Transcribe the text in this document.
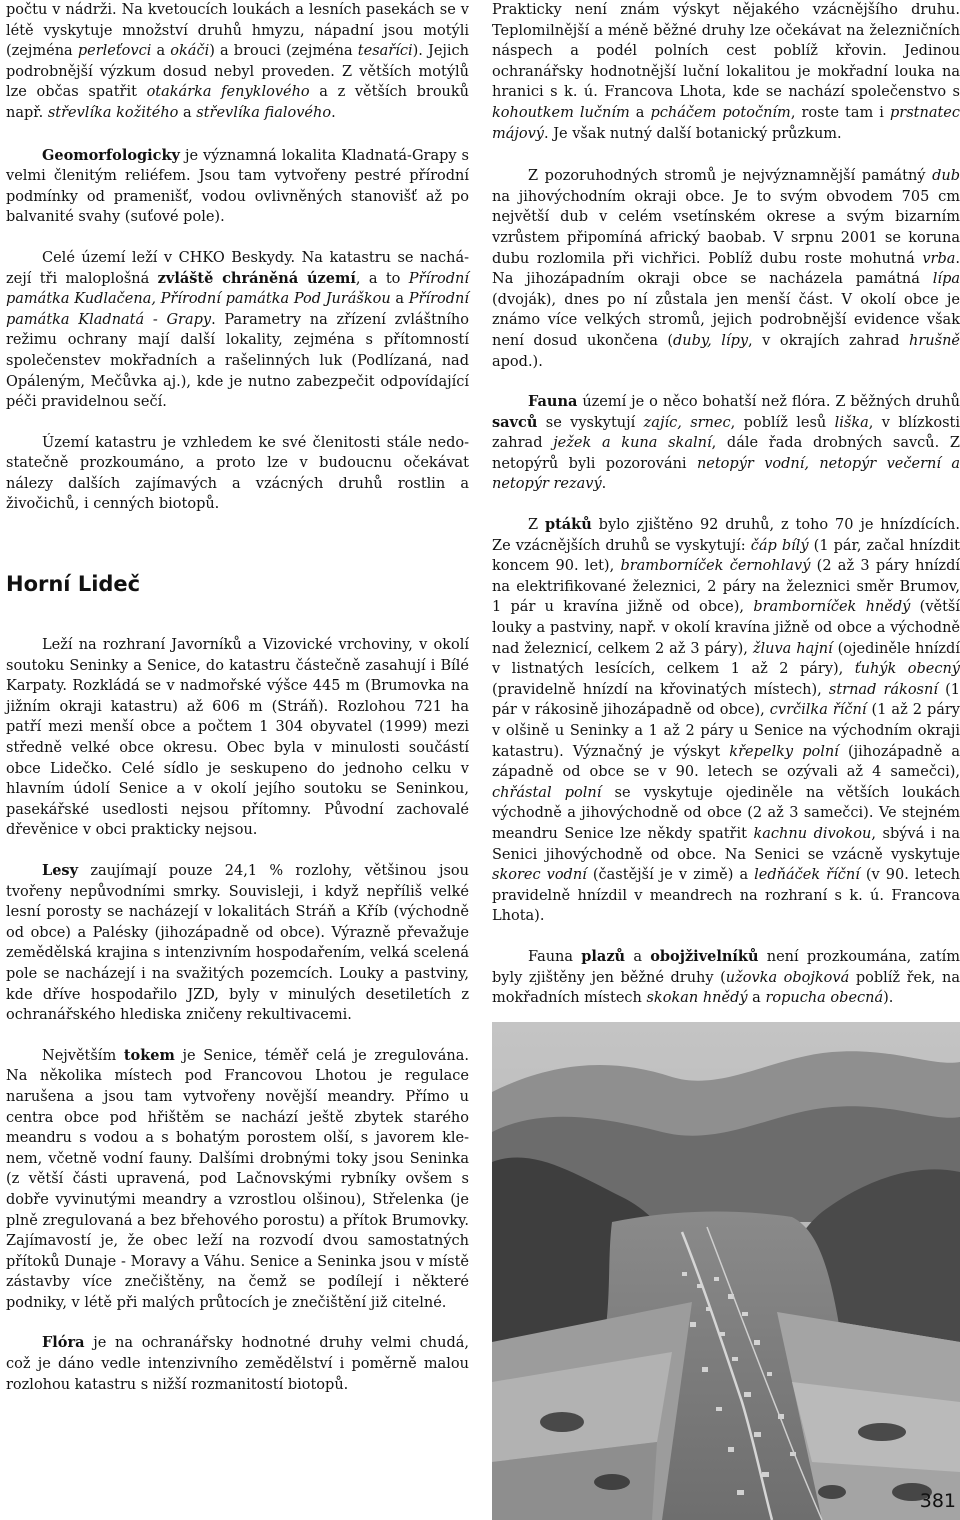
počtu v nádrži. Na kvetoucích loukách a lesních pasekách se v létě vyskytuje množství druhů hmyzu, nápadní jsou motýli (zejména perleťovci a okáči) a brouci (zejména tesaříci). Jejich podrobnější výzkum dosud nebyl proveden. Z větších motýlů lze občas spatřit otakárka fenyklového a z větších brouků např. střevlíka kožitého a střevlíka fialového.

Geomorfologicky je významná lokalita Kladnatá-Grapy s velmi členitým reliéfem. Jsou tam vytvořeny pestré přírodní podmínky od pramenišť, vodou ovlivněných stanovišť až po balvanité svahy (suťové pole).

Celé území leží v CHKO Beskydy. Na katastru se nacházejí tři maloplošná zvláště chráněná území, a to Přírodní památka Kudlačena, Přírodní památka Pod Juráškou a Přírodní památka Kladnatá - Grapy. Parametry na zřízení zvláštního režimu ochrany mají další lokality, zejména s přítomností společenstev mokřadních a rašelinných luk (Podlízaná, nad Opáleným, Mečůvka aj.), kde je nutno zabezpečit odpovídající péči pravidelnou sečí.

Území katastru je vzhledem ke své členitosti stále nedostatečně prozkoumáno, a proto lze v budoucnu očekávat nálezy dalších zajímavých a vzácných druhů rostlin a živočichů, i cenných biotopů.

Horní Lideč

Leží na rozhraní Javorníků a Vizovické vrchoviny, v okolí soutoku Seninky a Senice, do katastru částečně zasahují i Bílé Karpaty. Rozkládá se v nadmořské výšce 445 m (Brumovka na jižním okraji katastru) až 606 m (Stráň). Rozlohou 721 ha patří mezi menší obce a počtem 1 304 obyvatel (1999) mezi středně velké obce okresu. Obec byla v minulosti součástí obce Lidečko. Celé sídlo je seskupeno do jednoho celku v hlavním údolí Senice a v okolí jejího soutoku se Seninkou, pasekářské usedlosti nejsou přítomny. Původní zachovalé dřevěnice v obci prakticky nejsou.

Lesy zaujímají pouze 24,1 % rozlohy, většinou jsou tvořeny nepůvodními smrky. Souvisleji, i když nepříliš velké lesní porosty se nacházejí v lokalitách Stráň a Kříb (východně od obce) a Palésky (jihozápadně od obce). Výrazně převažuje zemědělská krajina s intenzivním hospodařením, velká scelená pole se nacházejí i na svažitých pozemcích. Louky a pastviny, kde dříve hospodařilo JZD, byly v minulých desetiletích z ochranářského hlediska zničeny rekultivacemi.

Největším tokem je Senice, téměř celá je zregulována. Na několika místech pod Francovou Lhotou je regulace narušena a jsou tam vytvořeny novější meandry. Přímo u centra obce pod hřištěm se nachází ještě zbytek starého meandru s vodou a s bohatým porostem olší, s javorem klenem, včetně vodní fauny. Dalšími drobnými toky jsou Seninka (z větší části upravená, pod Lačnovskými rybníky ovšem s dobře vyvinutými meandry a vzrostlou olšinou), Střelenka (je plně zregulovaná a bez břehového porostu) a přítok Brumovky. Zajímavostí je, že obec leží na rozvodí dvou samostatných přítoků Dunaje - Moravy a Váhu. Senice a Seninka jsou v místě zástavby více znečištěny, na čemž se podílejí i některé podniky, v létě při malých průtocích je znečištění již citelné.

Flóra je na ochranářsky hodnotné druhy velmi chudá, což je dáno vedle intenzivního zemědělství i poměrně malou rozlohou katastru s nižší rozmanitostí biotopů.

Prakticky není znám výskyt nějakého vzácnějšího druhu. Teplomilnější a méně běžné druhy lze očekávat na železničních náspech a podél polních cest poblíž křovin. Jedinou ochranářsky hodnotnější luční lokalitou je mokřadní louka na hranici s k. ú. Francova Lhota, kde se nachází společenstvo s kohoutkem lučním a pcháčem potočním, roste tam i prstnatec májový. Je však nutný další botanický průzkum.

Z pozoruhodných stromů je nejvýznamnější památný dub na jihovýchodním okraji obce. Je to svým obvodem 705 cm největší dub v celém vsetínském okrese a svým bizarním vzrůstem připomíná africký baobab. V srpnu 2001 se koruna dubu rozlomila při vichřici. Poblíž dubu roste mohutná vrba. Na jihozápadním okraji obce se nacházela památná lípa (dvoják), dnes po ní zůstala jen menší část. V okolí obce je známo více velkých stromů, jejich podrobnější evidence však není dosud ukončena (duby, lípy, v okrajích zahrad hrušně apod.).

Fauna území je o něco bohatší než flóra. Z běžných druhů savců se vyskytují zajíc, srnec, poblíž lesů liška, v blízkosti zahrad ježek a kuna skalní, dále řada drobných savců. Z netopýrů byli pozorováni netopýr vodní, netopýr večerní a netopýr rezavý.

Z ptáků bylo zjištěno 92 druhů, z toho 70 je hnízdících. Ze vzácnějších druhů se vyskytují: čáp bílý (1 pár, začal hnízdit koncem 90. let), bramborníček černohlavý (2 až 3 páry hnízdí na elektrifikované železnici, 2 páry na železnici směr Brumov, 1 pár u kravína jižně od obce), bramborníček hnědý (větší louky a pastviny, např. v okolí kravína jižně od obce a východně nad železnicí, celkem 2 až 3 páry), žluva hajní (ojediněle hnízdí v listnatých lesících, celkem 1 až 2 páry), ťuhýk obecný (pravidelně hnízdí na křovinatých místech), strnad rákosní (1 pár v rákosině jihozápadně od obce), cvrčilka říční (1 až 2 páry v olšině u Seninky a 1 až 2 páry u Senice na východním okraji katastru). Význačný je výskyt křepelky polní (jihozápadně a západně od obce se v 90. letech se ozývali až 4 samečci), chřástal polní se vyskytuje ojediněle na větších loukách východně a jihovýchodně od obce (2 až 3 samečci). Ve stejném meandru Senice lze někdy spatřit kachnu divokou, sbývá i na Senici jihovýchodně od obce. Na Senici se vzácně vyskytuje skorec vodní (častější je v zimě) a ledňáček říční (v 90. letech pravidelně hnízdil v meandrech na rozhraní s k. ú. Francova Lhota).

Fauna plazů a obojživelníků není prozkoumána, zatím byly zjištěny jen běžné druhy (užovka obojková poblíž řek, na mokřadních místech skokan hnědý a ropucha obecná).

381
